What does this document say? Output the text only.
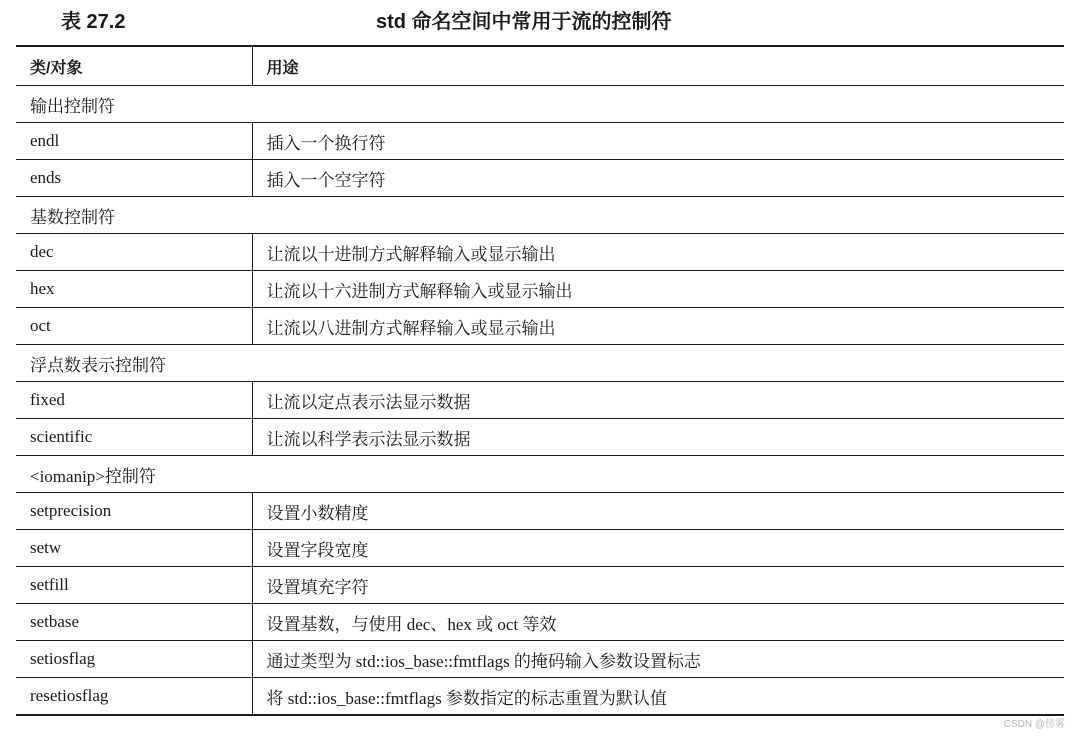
表 27.2	std 命名空间中常用于流的控制符
类/对象	用途
输出控制符	
endl	插入一个换行符
ends	插入一个空字符
基数控制符	
dec	让流以十进制方式解释输入或显示输出
hex	让流以十六进制方式解释输入或显示输出
oct	让流以八进制方式解释输入或显示输出
浮点数表示控制符	
fixed	让流以定点表示法显示数据
scientific	让流以科学表示法显示数据
<iomanip>控制符	
setprecision	设置小数精度
setw	设置字段宽度
setfill	设置填充字符
setbase	设置基数，与使用 dec、hex 或 oct 等效
setiosflag	通过类型为 std::ios_base::fmtflags 的掩码输入参数设置标志
resetiosflag	将 std::ios_base::fmtflags 参数指定的标志重置为默认值
CSDN @傍雾
